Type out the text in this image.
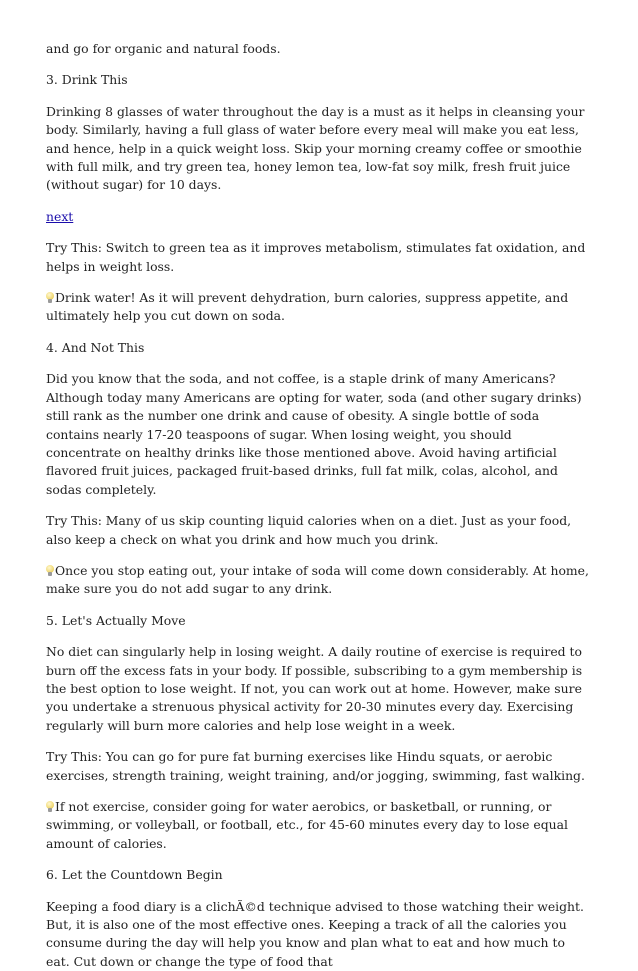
and go for organic and natural foods.

3. Drink This

Drinking 8 glasses of water throughout the day is a must as it helps in cleansing your body. Similarly, having a full glass of water before every meal will make you eat less, and hence, help in a quick weight loss. Skip your morning creamy coffee or smoothie with full milk, and try green tea, honey lemon tea, low-fat soy milk, fresh fruit juice (without sugar) for 10 days.

next

Try This: Switch to green tea as it improves metabolism, stimulates fat oxidation, and helps in weight loss.

Drink water! As it will prevent dehydration, burn calories, suppress appetite, and ultimately help you cut down on soda.

4. And Not This

Did you know that the soda, and not coffee, is a staple drink of many Americans? Although today many Americans are opting for water, soda (and other sugary drinks) still rank as the number one drink and cause of obesity. A single bottle of soda contains nearly 17-20 teaspoons of sugar. When losing weight, you should concentrate on healthy drinks like those mentioned above. Avoid having artificial flavored fruit juices, packaged fruit-based drinks, full fat milk, colas, alcohol, and sodas completely.

Try This: Many of us skip counting liquid calories when on a diet. Just as your food, also keep a check on what you drink and how much you drink.

Once you stop eating out, your intake of soda will come down considerably. At home, make sure you do not add sugar to any drink.

5. Let's Actually Move

No diet can singularly help in losing weight. A daily routine of exercise is required to burn off the excess fats in your body. If possible, subscribing to a gym membership is the best option to lose weight. If not, you can work out at home. However, make sure you undertake a strenuous physical activity for 20-30 minutes every day. Exercising regularly will burn more calories and help lose weight in a week.

Try This: You can go for pure fat burning exercises like Hindu squats, or aerobic exercises, strength training, weight training, and/or jogging, swimming, fast walking.

If not exercise, consider going for water aerobics, or basketball, or running, or swimming, or volleyball, or football, etc., for 45-60 minutes every day to lose equal amount of calories.

6. Let the Countdown Begin

Keeping a food diary is a clichÃ©d technique advised to those watching their weight. But, it is also one of the most effective ones. Keeping a track of all the calories you consume during the day will help you know and plan what to eat and how much to eat. Cut down or change the type of food that
